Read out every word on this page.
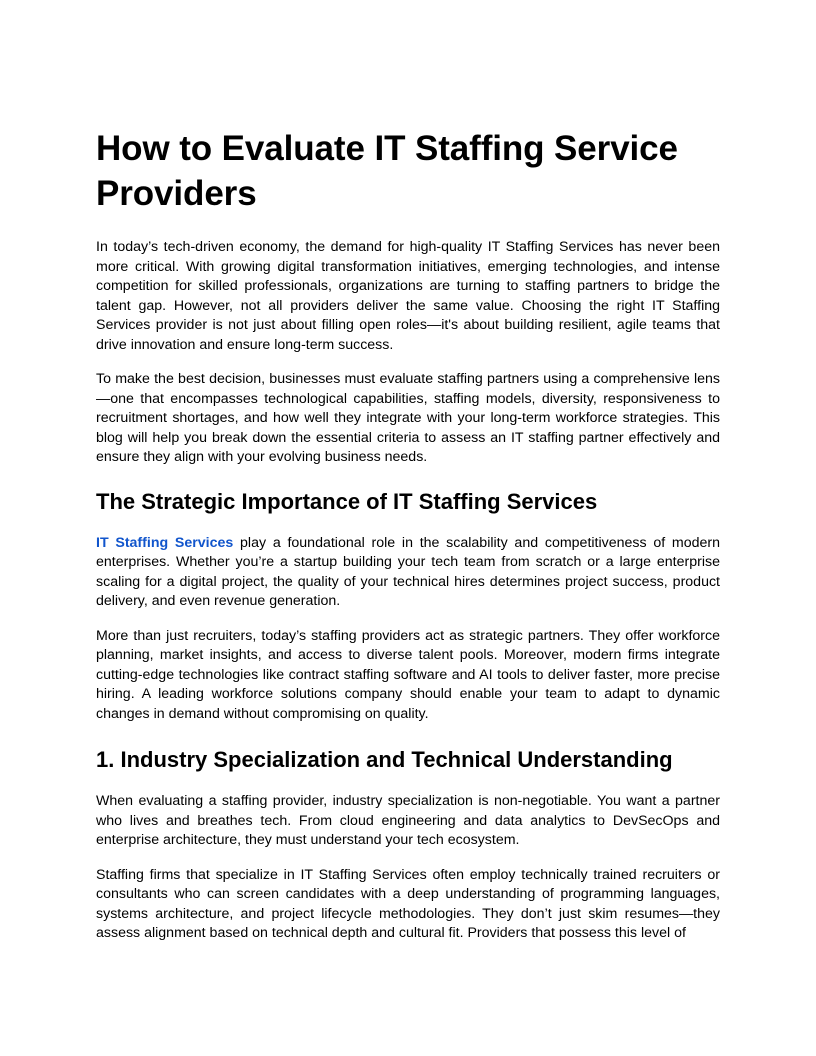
How to Evaluate IT Staffing Service Providers

In today’s tech-driven economy, the demand for high-quality IT Staffing Services has never been more critical. With growing digital transformation initiatives, emerging technologies, and intense competition for skilled professionals, organizations are turning to staffing partners to bridge the talent gap. However, not all providers deliver the same value. Choosing the right IT Staffing Services provider is not just about filling open roles—it's about building resilient, agile teams that drive innovation and ensure long-term success.

To make the best decision, businesses must evaluate staffing partners using a comprehensive lens—one that encompasses technological capabilities, staffing models, diversity, responsiveness to recruitment shortages, and how well they integrate with your long-term workforce strategies. This blog will help you break down the essential criteria to assess an IT staffing partner effectively and ensure they align with your evolving business needs.

The Strategic Importance of IT Staffing Services

IT Staffing Services play a foundational role in the scalability and competitiveness of modern enterprises. Whether you’re a startup building your tech team from scratch or a large enterprise scaling for a digital project, the quality of your technical hires determines project success, product delivery, and even revenue generation.

More than just recruiters, today’s staffing providers act as strategic partners. They offer workforce planning, market insights, and access to diverse talent pools. Moreover, modern firms integrate cutting-edge technologies like contract staffing software and AI tools to deliver faster, more precise hiring. A leading workforce solutions company should enable your team to adapt to dynamic changes in demand without compromising on quality.

1. Industry Specialization and Technical Understanding

When evaluating a staffing provider, industry specialization is non-negotiable. You want a partner who lives and breathes tech. From cloud engineering and data analytics to DevSecOps and enterprise architecture, they must understand your tech ecosystem.

Staffing firms that specialize in IT Staffing Services often employ technically trained recruiters or consultants who can screen candidates with a deep understanding of programming languages, systems architecture, and project lifecycle methodologies. They don’t just skim resumes—they assess alignment based on technical depth and cultural fit. Providers that possess this level of
